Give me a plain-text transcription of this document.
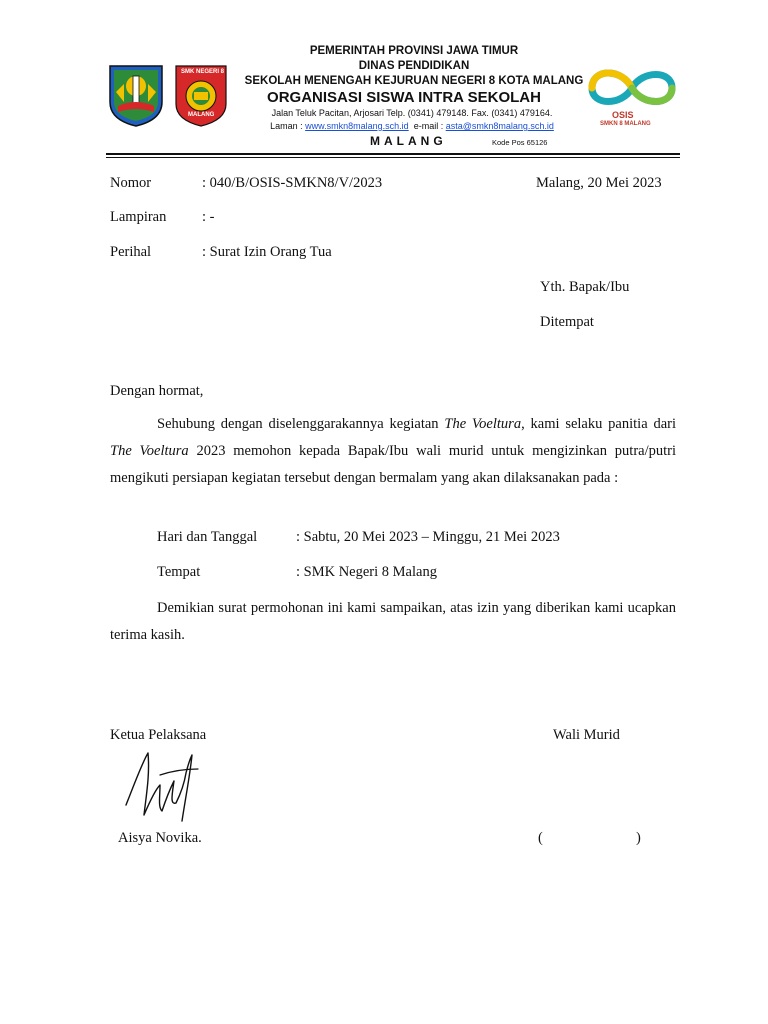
SMK NEGERI 8
MALANG
PEMERINTAH PROVINSI JAWA TIMUR
DINAS PENDIDIKAN
SEKOLAH MENENGAH KEJURUAN NEGERI 8 KOTA MALANG
ORGANISASI SISWA INTRA SEKOLAH
Jalan Teluk Pacitan, Arjosari Telp. (0341) 479148. Fax. (0341) 479164.
Laman : www.smkn8malang.sch.id  e-mail : asta@smkn8malang.sch.id
MALANG	Kode Pos 65126
OSIS
SMKN 8 MALANG
Nomor	: 040/B/OSIS-SMKN8/V/2023	Malang, 20 Mei 2023
Lampiran : -
Perihal	: Surat Izin Orang Tua
Yth. Bapak/Ibu
Ditempat
Dengan hormat,

Sehubung dengan diselenggarakannya kegiatan The Voeltura, kami selaku panitia dari The Voeltura 2023 memohon kepada Bapak/Ibu wali murid untuk mengizinkan putra/putri mengikuti persiapan kegiatan tersebut dengan bermalam yang akan dilaksanakan pada :

Hari dan Tanggal	: Sabtu, 20 Mei 2023 – Minggu, 21 Mei 2023
Tempat	: SMK Negeri 8 Malang

Demikian surat permohonan ini kami sampaikan, atas izin yang diberikan kami ucapkan terima kasih.

Ketua Pelaksana	Wali Murid
Aisya Novika.	(	)
